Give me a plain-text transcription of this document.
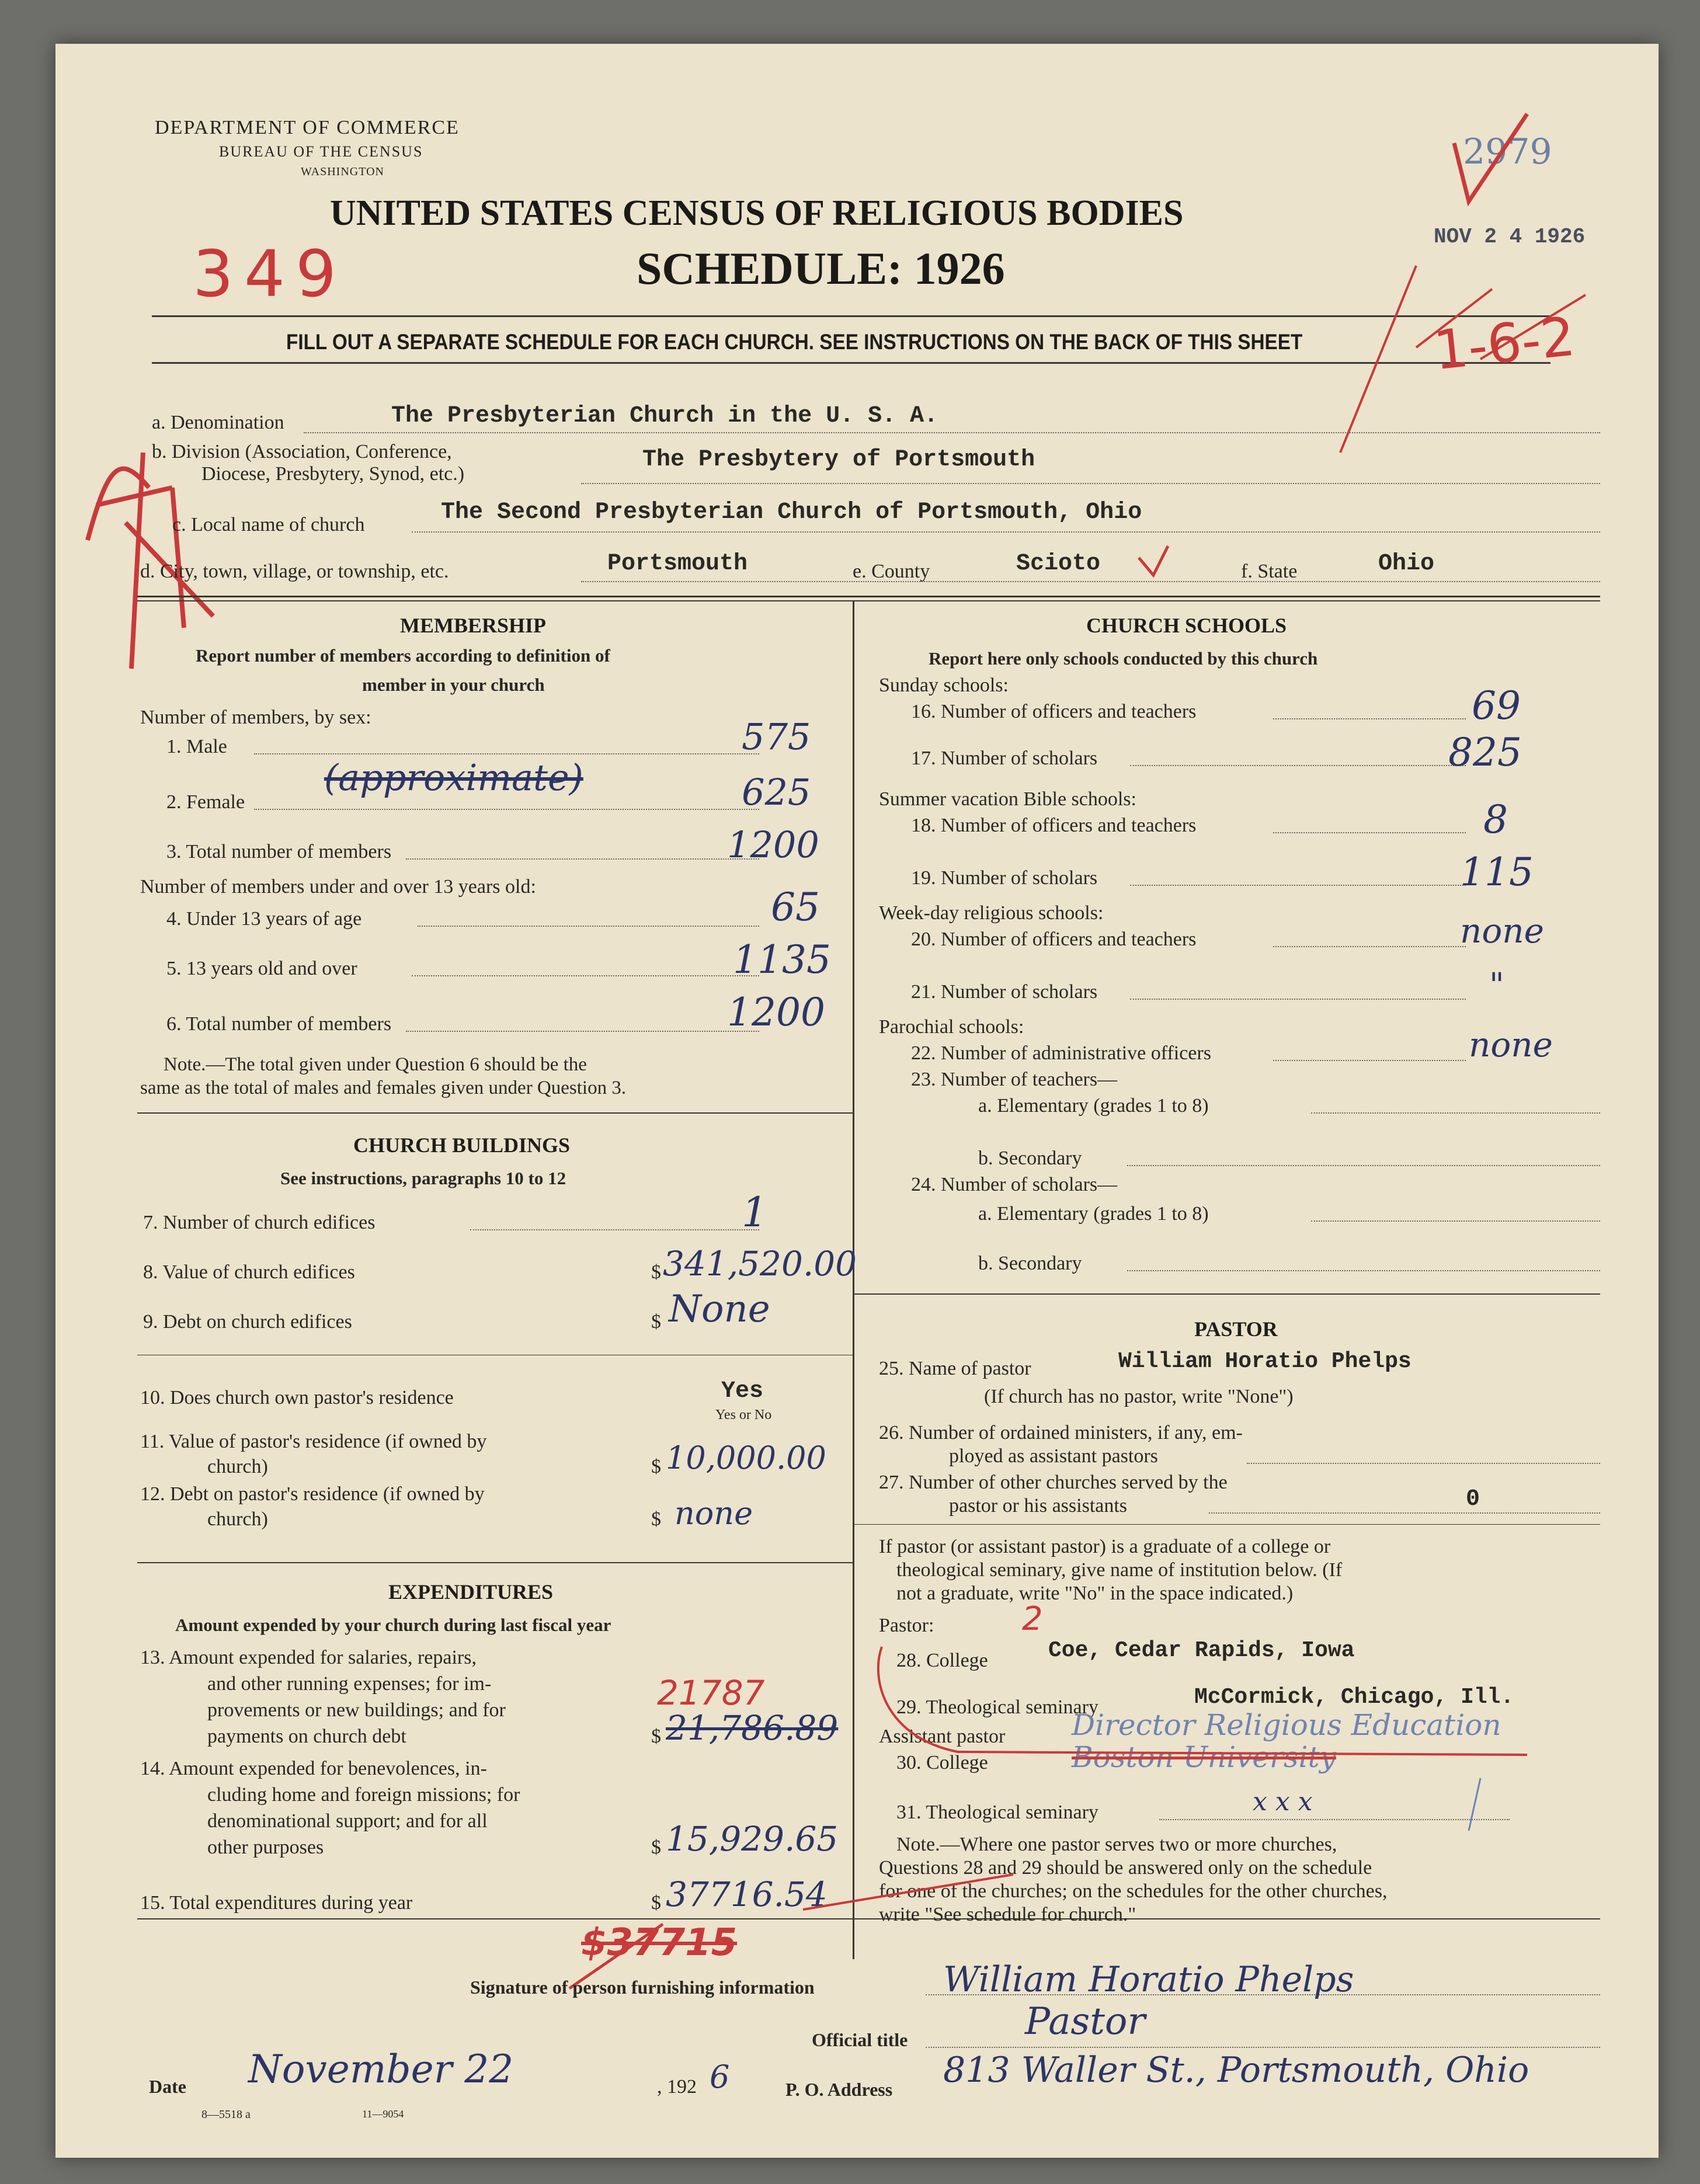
DEPARTMENT OF COMMERCE
BUREAU OF THE CENSUS
WASHINGTON
UNITED STATES CENSUS OF RELIGIOUS BODIES
SCHEDULE: 1926
FILL OUT A SEPARATE SCHEDULE FOR EACH CHURCH. SEE INSTRUCTIONS ON THE BACK OF THIS SHEET
2979
NOV 2 4 1926
349
1-6-2
a. Denomination	The Presbyterian Church in the U. S. A.
b. Division (Association, Conference,
Diocese, Presbytery, Synod, etc.)
The Presbytery of Portsmouth
c. Local name of church	The Second Presbyterian Church of Portsmouth, Ohio
d. City, town, village, or township, etc.	Portsmouth	e. County	Scioto	f. State	Ohio
MEMBERSHIP
Report number of members according to definition of
member in your church
Number of members, by sex:
1. Male	575
2. Female
(approximate)	625
3. Total number of members	1200
Number of members under and over 13 years old:
4. Under 13 years of age	65
5. 13 years old and over	1135
6. Total number of members	1200
Note.—The total given under Question 6 should be the
same as the total of males and females given under Question 3.
CHURCH BUILDINGS
See instructions, paragraphs 10 to 12
7. Number of church edifices	1
8. Value of church edifices	$ 341,520.00
9. Debt on church edifices	$ None
10. Does church own pastor's residence	Yes
Yes or No
11. Value of pastor's residence (if owned by
church)	$ 10,000.00
12. Debt on pastor's residence (if owned by
church)	$ none
EXPENDITURES
Amount expended by your church during last fiscal year
13. Amount expended for salaries, repairs,
and other running expenses; for im-
provements or new buildings; and for
payments on church debt	$ 21,786.89
21787
14. Amount expended for benevolences, in-
cluding home and foreign missions; for
denominational support; and for all
other purposes	$ 15,929.65
15. Total expenditures during year	$ 37716.54
$37715
CHURCH SCHOOLS
Report here only schools conducted by this church
Sunday schools:
16. Number of officers and teachers	69
17. Number of scholars	825
Summer vacation Bible schools:
18. Number of officers and teachers	8
19. Number of scholars	115
Week-day religious schools:
20. Number of officers and teachers	none
21. Number of scholars	"
Parochial schools:
22. Number of administrative officers	none
23. Number of teachers—
a. Elementary (grades 1 to 8)
b. Secondary
24. Number of scholars—
a. Elementary (grades 1 to 8)
b. Secondary
PASTOR
25. Name of pastor	William Horatio Phelps
(If church has no pastor, write "None")
26. Number of ordained ministers, if any, em-
ployed as assistant pastors
27. Number of other churches served by the
pastor or his assistants	0
If pastor (or assistant pastor) is a graduate of a college or
theological seminary, give name of institution below. (If
not a graduate, write "No" in the space indicated.)
Pastor:	2
28. College	Coe, Cedar Rapids, Iowa
29. Theological seminary	McCormick, Chicago, Ill.
Assistant pastor Director Religious Education
30. College	Boston University
31. Theological seminary	x x x
Note.—Where one pastor serves two or more churches,
Questions 28 and 29 should be answered only on the schedule
for one of the churches; on the schedules for the other churches,
write "See schedule for church."
Signature of person furnishing information	William Horatio Phelps
Official title	Pastor
Date November 22	, 192 6	P. O. Address 813 Waller St., Portsmouth, Ohio
8—5518 a	11—9054
